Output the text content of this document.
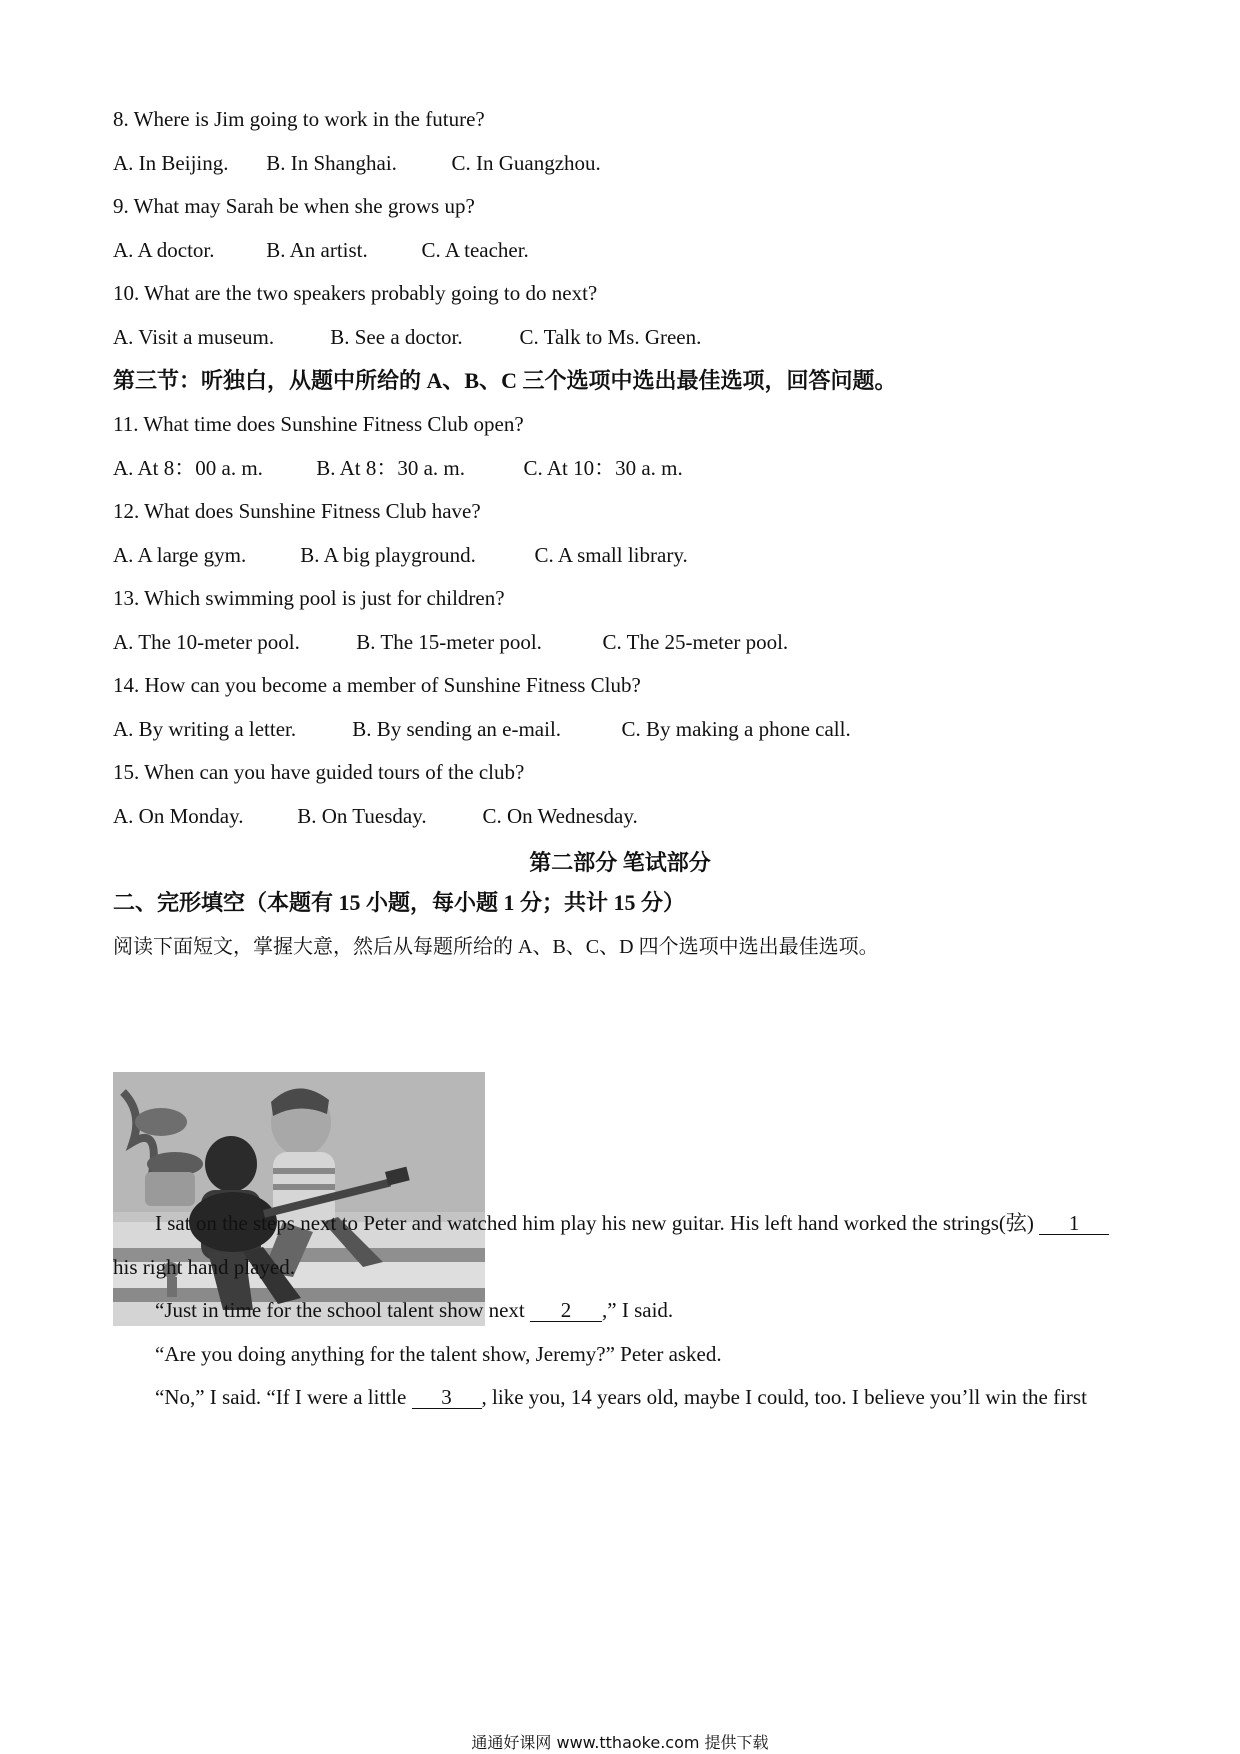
8. Where is Jim going to work in the future?
A. In Beijing. B. In Shanghai.	C. In Guangzhou.
9. What may Sarah be when she grows up?
A. A doctor. B. An artist.	C. A teacher.
10. What are the two speakers probably going to do next?
A. Visit a museum.	B. See a doctor.	C. Talk to Ms. Green.
第三节：听独白，从题中所给的 A、B、C 三个选项中选出最佳选项，回答问题。
11. What time does Sunshine Fitness Club open?
A. At 8：00 a. m.	B. At 8：30 a. m.	C. At 10：30 a. m.
12. What does Sunshine Fitness Club have?
A. A large gym.	B. A big playground.	C. A small library.
13. Which swimming pool is just for children?
A. The 10-meter pool.	B. The 15-meter pool.	C. The 25-meter pool.
14. How can you become a member of Sunshine Fitness Club?
A. By writing a letter.	B. By sending an e-mail.	C. By making a phone call.
15. When can you have guided tours of the club?
A. On Monday.	B. On Tuesday.	C. On Wednesday.
第二部分 笔试部分
二、完形填空（本题有 15 小题，每小题 1 分；共计 15 分）
阅读下面短文，掌握大意，然后从每题所给的 A、B、C、D 四个选项中选出最佳选项。
I sat on the steps next to Peter and watched him play his new guitar. His left hand worked the strings(弦) 1
his right hand played.
“Just in time for the school talent show next 2 ,” I said.
“Are you doing anything for the talent show, Jeremy?” Peter asked.
“No,” I said. “If I were a little 3 , like you, 14 years old, maybe I could, too. I believe you’ll win the first
通通好课网 www.tthaoke.com 提供下载
